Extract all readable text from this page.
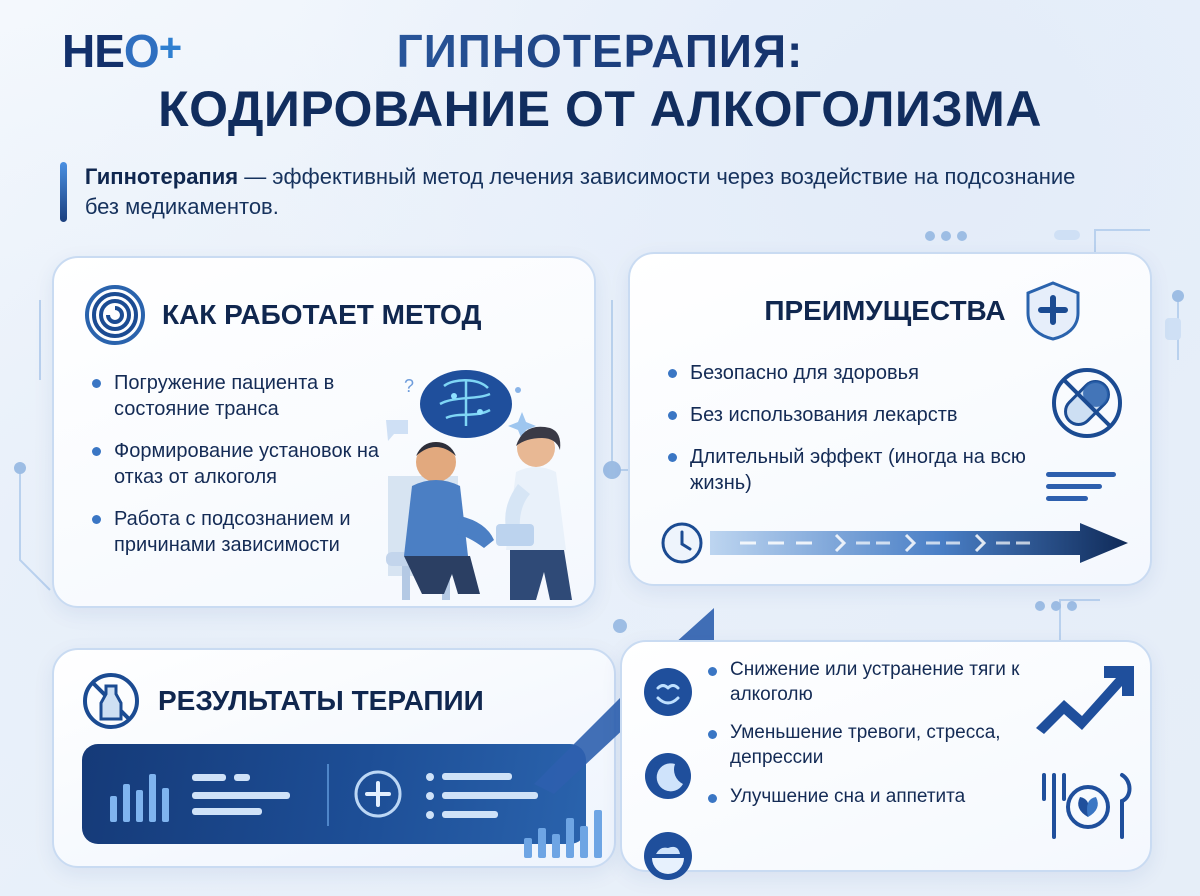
ГИПНОТЕРАПИЯ:
КОДИРОВАНИЕ ОТ АЛКОГОЛИЗМА
Гипнотерапия — эффективный метод лечения зависимости через воздействие на подсознание без медикаментов.
КАК РАБОТАЕТ МЕТОД
Погружение пациента в состояние транса
Формирование установок на отказ от алкоголя
Работа с подсознанием и причинами зависимости
?
ПРЕИМУЩЕСТВА
Безопасно для здоровья
Без использования лекарств
Длительный эффект (иногда на всю жизнь)
РЕЗУЛЬТАТЫ ТЕРАПИИ
z z
Снижение или устранение тяги к алкоголю
Уменьшение тревоги, стресса, депрессии
Улучшение сна и аппетита
